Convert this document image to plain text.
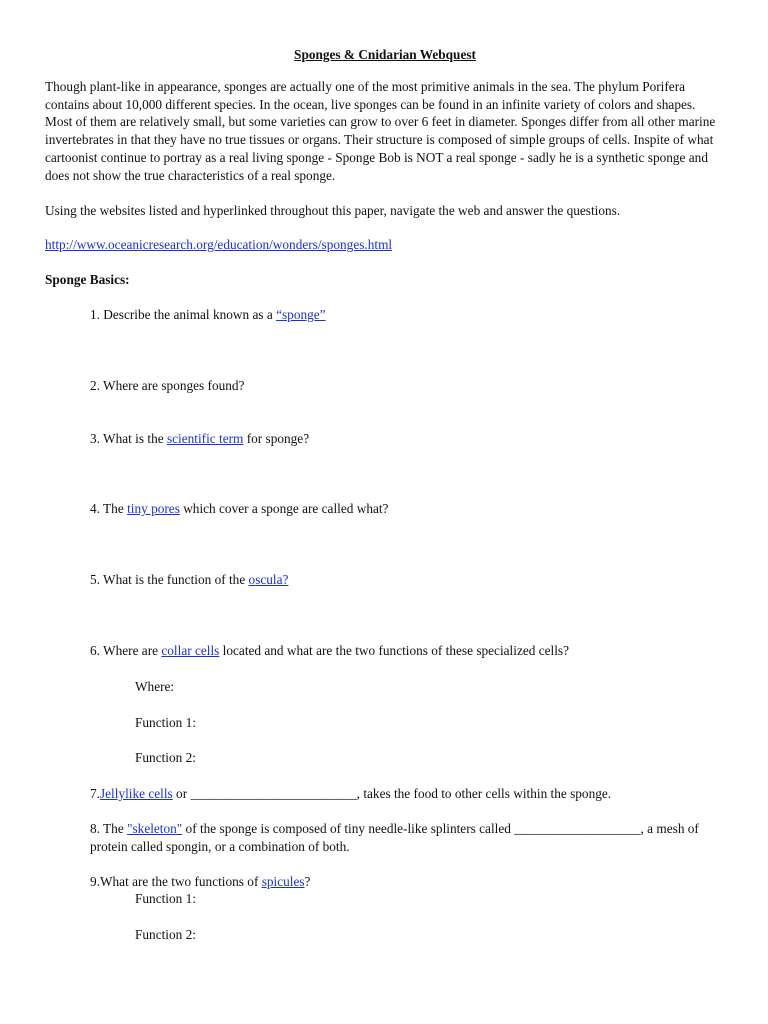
Sponges & Cnidarian Webquest
Though plant-like in appearance, sponges are actually one of the most primitive animals in the sea. The phylum Porifera contains about 10,000 different species. In the ocean, live sponges can be found in an infinite variety of colors and shapes. Most of them are relatively small, but some varieties can grow to over 6 feet in diameter. Sponges differ from all other marine invertebrates in that they have no true tissues or organs. Their structure is composed of simple groups of cells. Inspite of what cartoonist continue to portray as a real living sponge - Sponge Bob is NOT a real sponge - sadly he is a synthetic sponge and does not show the true characteristics of a real sponge.
Using the websites listed and hyperlinked throughout this paper, navigate the web and answer the questions.
http://www.oceanicresearch.org/education/wonders/sponges.html
Sponge Basics:
1. Describe the animal known as a “sponge”
2. Where are sponges found?
3. What is the scientific term for sponge?
4. The tiny pores which cover a sponge are called what?
5. What is the function of the oscula?
6. Where are collar cells located and what are the two functions of these specialized cells?
Where:
Function 1:
Function 2:
7.Jellylike cells or _________________________, takes the food to other cells within the sponge.
8. The "skeleton" of the sponge is composed of tiny needle-like splinters called ___________________, a mesh of protein called spongin, or a combination of both.
9.What are the two functions of spicules?
Function 1:
Function 2:
